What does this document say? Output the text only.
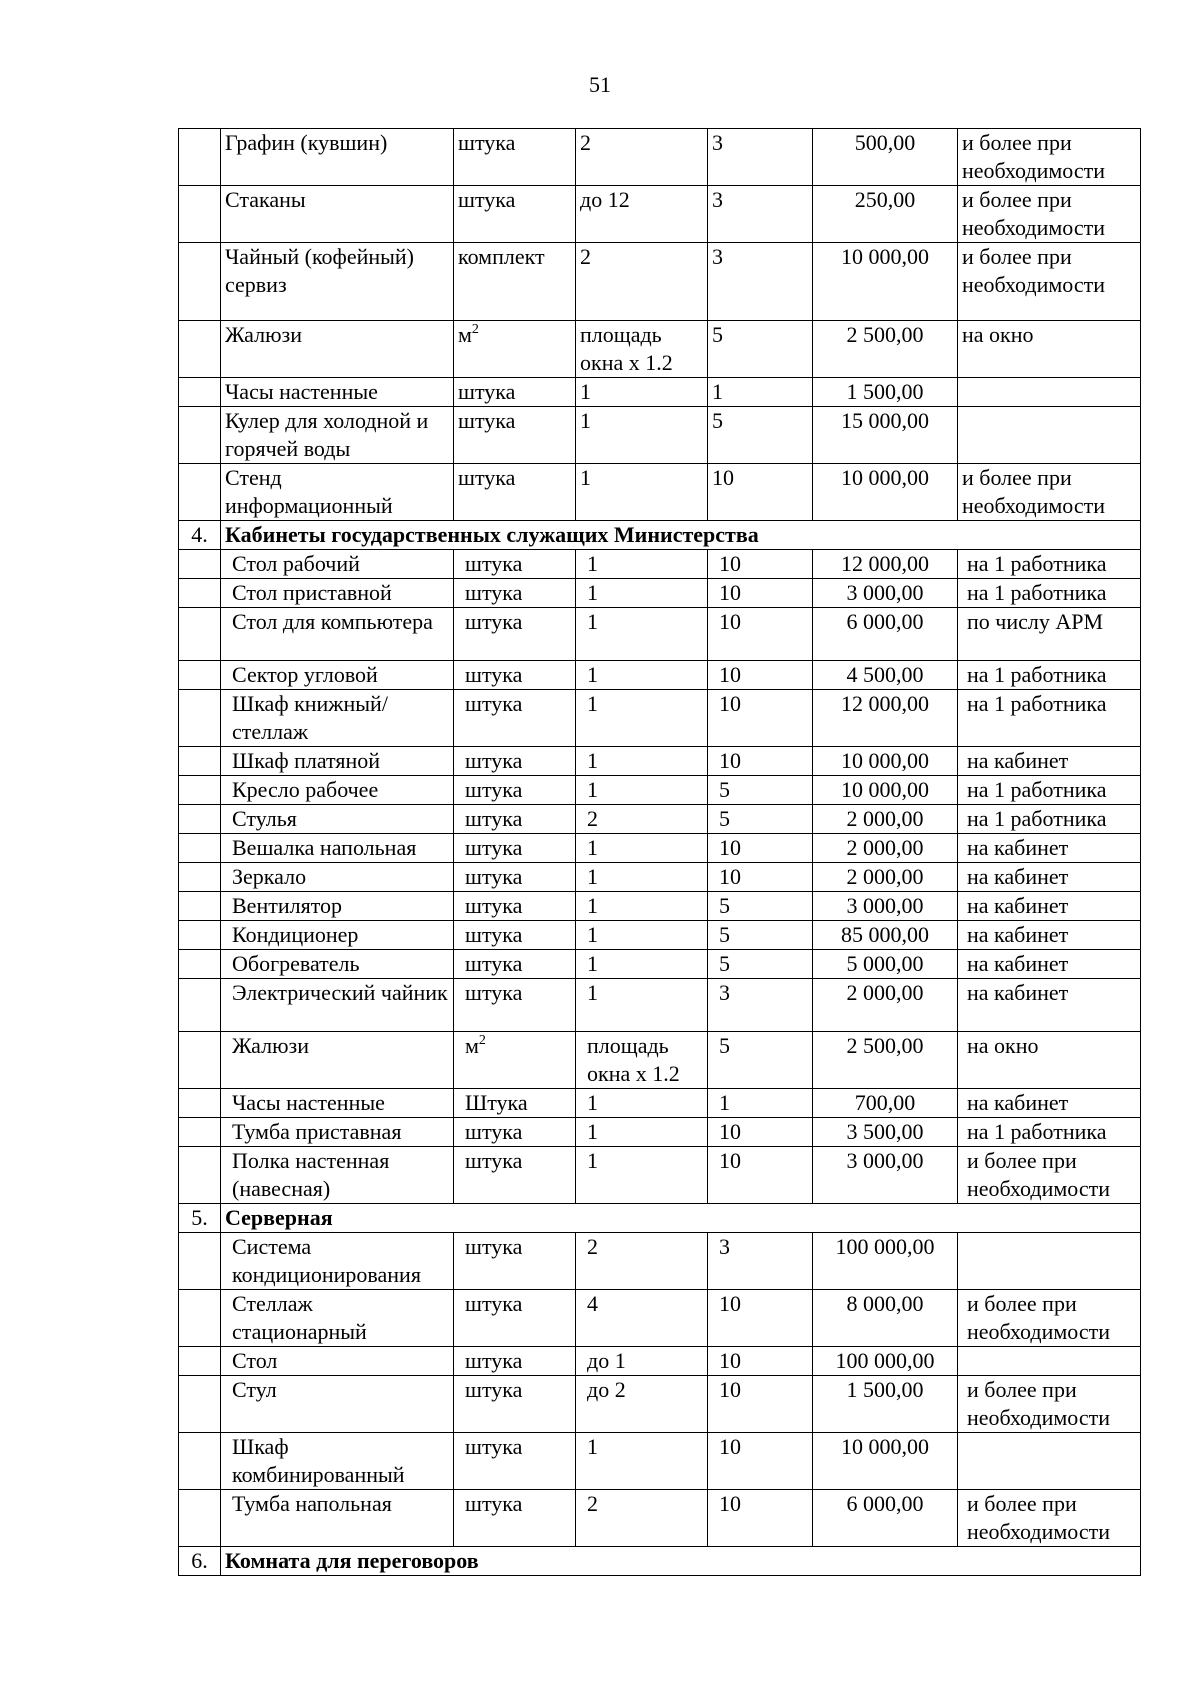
51
	Графин (кувшин)	штука	2	3	500,00	и более при необходимости
	Стаканы	штука	до 12	3	250,00	и более при необходимости
	Чайный (кофейный) сервиз	комплект	2	3	10 000,00	и более при необходимости
	Жалюзи	$м^2$	площадь окна х 1.2	5	2 500,00	на окно
	Часы настенные	штука	1	1	1 500,00	
	Кулер для холодной и горячей воды	штука	1	5	15 000,00	
	Стенд информационный	штука	1	10	10 000,00	и более при необходимости
4.	Кабинеты государственных служащих Министерства					
	Стол рабочий	штука	1	10	12 000,00	на 1 работника
	Стол приставной	штука	1	10	3 000,00	на 1 работника
	Стол для компьютера	штука	1	10	6 000,00	по числу АРМ
	Сектор угловой	штука	1	10	4 500,00	на 1 работника
	Шкаф книжный/стеллаж	штука	1	10	12 000,00	на 1 работника
	Шкаф платяной	штука	1	10	10 000,00	на кабинет
	Кресло рабочее	штука	1	5	10 000,00	на 1 работника
	Стулья	штука	2	5	2 000,00	на 1 работника
	Вешалка напольная	штука	1	10	2 000,00	на кабинет
	Зеркало	штука	1	10	2 000,00	на кабинет
	Вентилятор	штука	1	5	3 000,00	на кабинет
	Кондиционер	штука	1	5	85 000,00	на кабинет
	Обогреватель	штука	1	5	5 000,00	на кабинет
	Электрический чайник	штука	1	3	2 000,00	на кабинет
	Жалюзи	$м^2$	площадь окна х 1.2	5	2 500,00	на окно
	Часы настенные	Штука	1	1	700,00	на кабинет
	Тумба приставная	штука	1	10	3 500,00	на 1 работника
	Полка настенная (навесная)	штука	1	10	3 000,00	и более при необходимости
5.	Серверная					
	Система кондиционирования	штука	2	3	100 000,00	
	Стеллаж стационарный	штука	4	10	8 000,00	и более при необходимости
	Стол	штука	до 1	10	100 000,00	
	Стул	штука	до 2	10	1 500,00	и более при необходимости
	Шкаф комбинированный	штука	1	10	10 000,00	
	Тумба напольная	штука	2	10	6 000,00	и более при необходимости
6.	Комната для переговоров					
